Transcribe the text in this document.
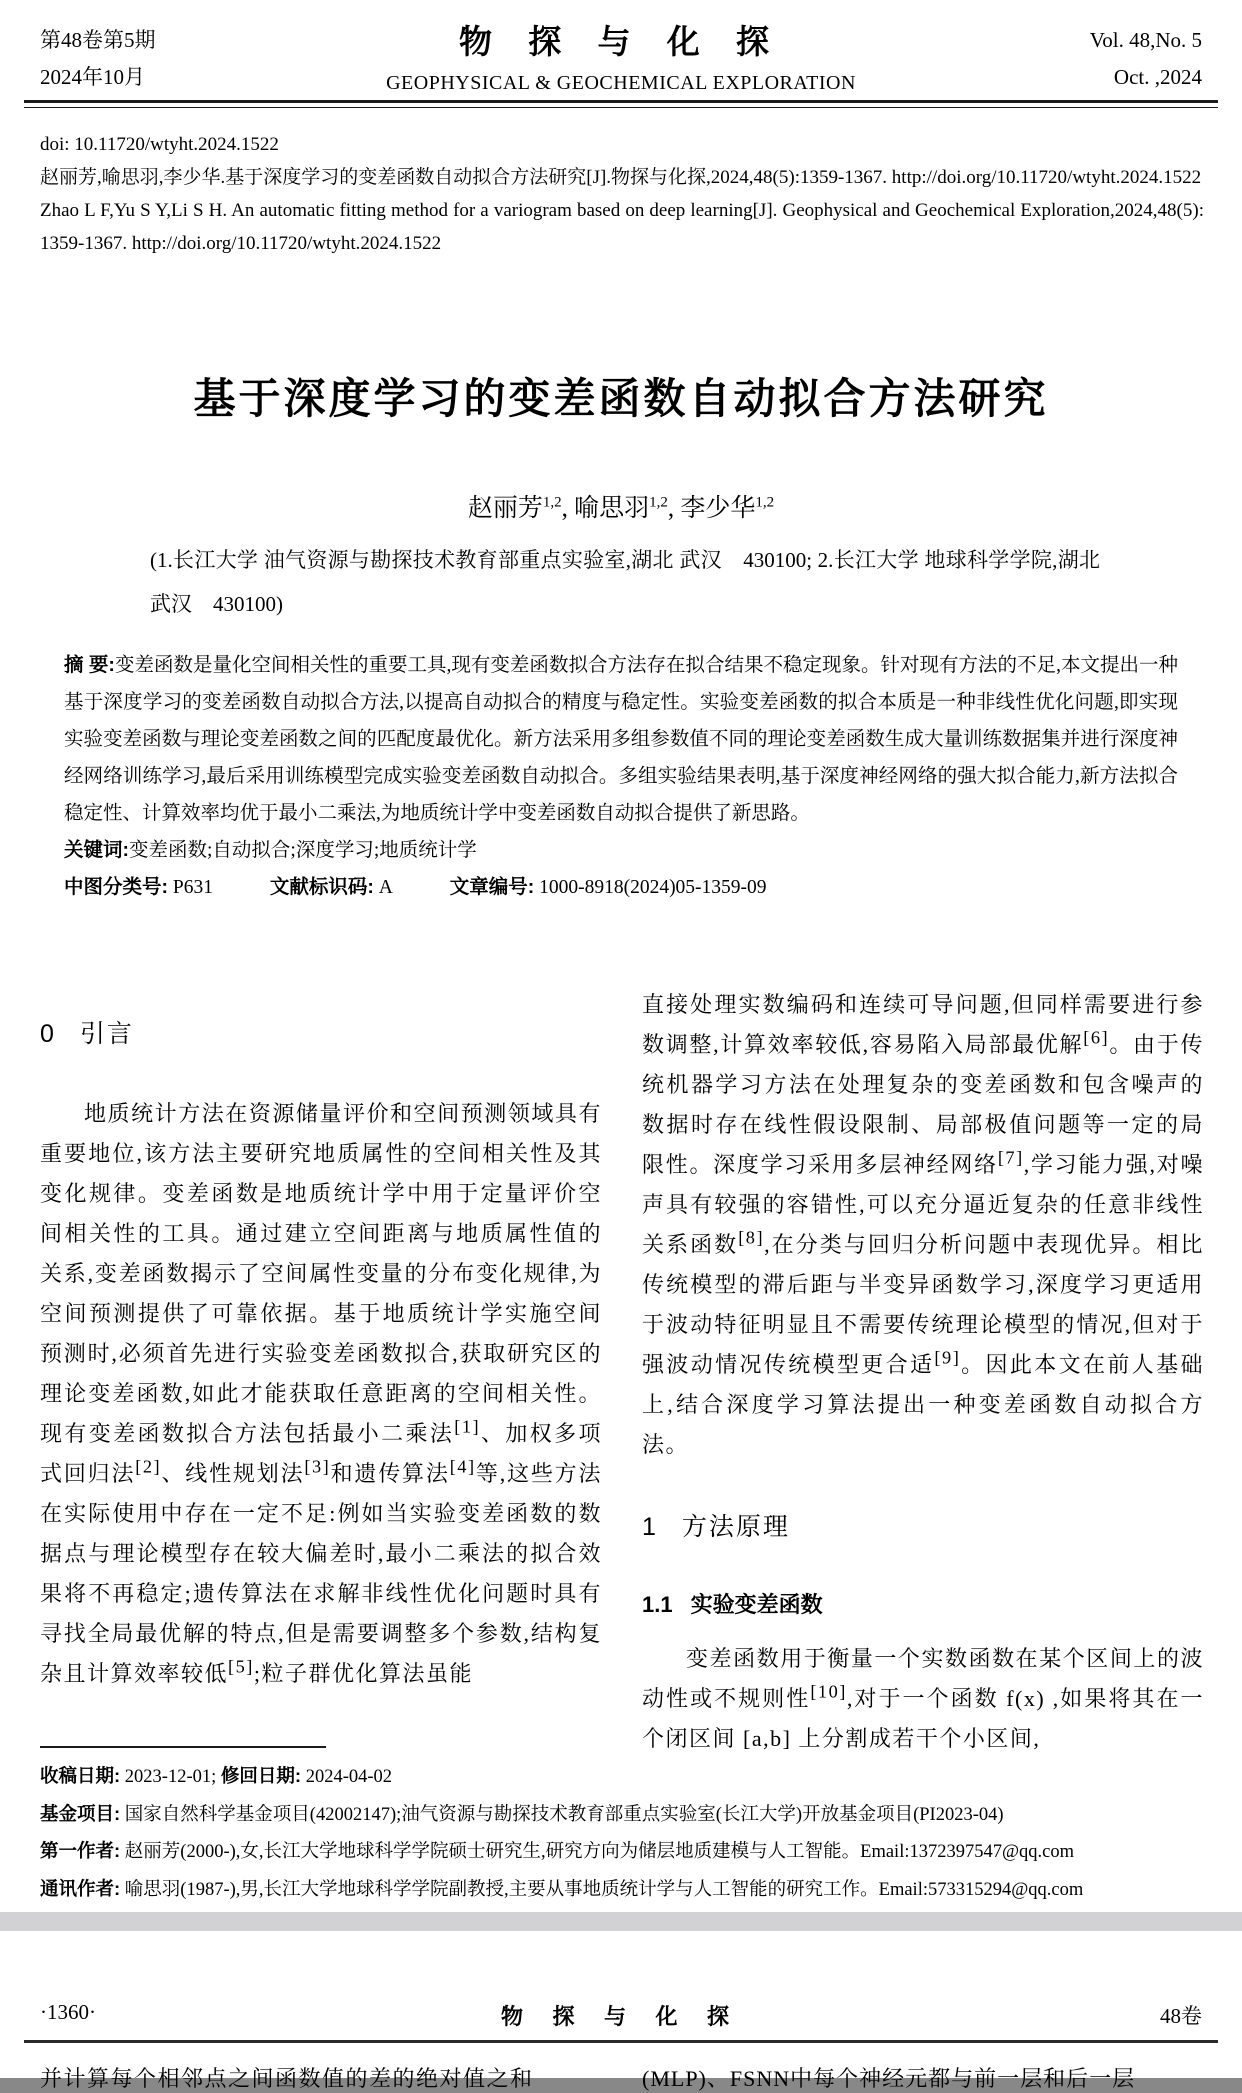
第48卷第5期
2024年10月
物 探 与 化 探
GEOPHYSICAL & GEOCHEMICAL EXPLORATION
Vol. 48,No. 5
Oct. ,2024

doi: 10.11720/wtyht.2024.1522

赵丽芳,喻思羽,李少华.基于深度学习的变差函数自动拟合方法研究[J].物探与化探,2024,48(5):1359-1367. http://doi.org/10.11720/wtyht.2024.1522

Zhao L F,Yu S Y,Li S H. An automatic fitting method for a variogram based on deep learning[J]. Geophysical and Geochemical Exploration,2024,48(5):1359-1367. http://doi.org/10.11720/wtyht.2024.1522

基于深度学习的变差函数自动拟合方法研究
赵丽芳$^{1,2}$, 喻思羽$^{1,2}$, 李少华$^{1,2}$
(1.长江大学 油气资源与勘探技术教育部重点实验室,湖北 武汉　430100; 2.长江大学 地球科学学院,湖北 武汉　430100)

摘 要:变差函数是量化空间相关性的重要工具,现有变差函数拟合方法存在拟合结果不稳定现象。针对现有方法的不足,本文提出一种基于深度学习的变差函数自动拟合方法,以提高自动拟合的精度与稳定性。实验变差函数的拟合本质是一种非线性优化问题,即实现实验变差函数与理论变差函数之间的匹配度最优化。新方法采用多组参数值不同的理论变差函数生成大量训练数据集并进行深度神经网络训练学习,最后采用训练模型完成实验变差函数自动拟合。多组实验结果表明,基于深度神经网络的强大拟合能力,新方法拟合稳定性、计算效率均优于最小二乘法,为地质统计学中变差函数自动拟合提供了新思路。

关键词:变差函数;自动拟合;深度学习;地质统计学

中图分类号: P631	文献标识码: A	文章编号: 1000-8918(2024)05-1359-09

0 引言

地质统计方法在资源储量评价和空间预测领域具有重要地位,该方法主要研究地质属性的空间相关性及其变化规律。变差函数是地质统计学中用于定量评价空间相关性的工具。通过建立空间距离与地质属性值的关系,变差函数揭示了空间属性变量的分布变化规律,为空间预测提供了可靠依据。基于地质统计学实施空间预测时,必须首先进行实验变差函数拟合,获取研究区的理论变差函数,如此才能获取任意距离的空间相关性。现有变差函数拟合方法包括最小二乘法[1]、加权多项式回归法[2]、线性规划法[3]和遗传算法[4]等,这些方法在实际使用中存在一定不足:例如当实验变差函数的数据点与理论模型存在较大偏差时,最小二乘法的拟合效果将不再稳定;遗传算法在求解非线性优化问题时具有寻找全局最优解的特点,但是需要调整多个参数,结构复杂且计算效率较低[5];粒子群优化算法虽能

直接处理实数编码和连续可导问题,但同样需要进行参数调整,计算效率较低,容易陷入局部最优解[6]。由于传统机器学习方法在处理复杂的变差函数和包含噪声的数据时存在线性假设限制、局部极值问题等一定的局限性。深度学习采用多层神经网络[7],学习能力强,对噪声具有较强的容错性,可以充分逼近复杂的任意非线性关系函数[8],在分类与回归分析问题中表现优异。相比传统模型的滞后距与半变异函数学习,深度学习更适用于波动特征明显且不需要传统理论模型的情况,但对于强波动情况传统模型更合适[9]。因此本文在前人基础上,结合深度学习算法提出一种变差函数自动拟合方法。

1 方法原理
1.1 实验变差函数

变差函数用于衡量一个实数函数在某个区间上的波动性或不规则性[10],对于一个函数 f(x) ,如果将其在一个闭区间 [a,b] 上分割成若干个小区间,

收稿日期: 2023-12-01; 修回日期: 2024-04-02

基金项目: 国家自然科学基金项目(42002147);油气资源与勘探技术教育部重点实验室(长江大学)开放基金项目(PI2023-04)

第一作者: 赵丽芳(2000-),女,长江大学地球科学学院硕士研究生,研究方向为储层地质建模与人工智能。Email:1372397547@qq.com

通讯作者: 喻思羽(1987-),男,长江大学地球科学学院副教授,主要从事地质统计学与人工智能的研究工作。Email:573315294@qq.com

·1360·	物 探 与 化 探	48卷
并计算每个相邻点之间函数值的差的绝对值之和	(MLP)、FSNN中每个神经元都与前一层和后一层
